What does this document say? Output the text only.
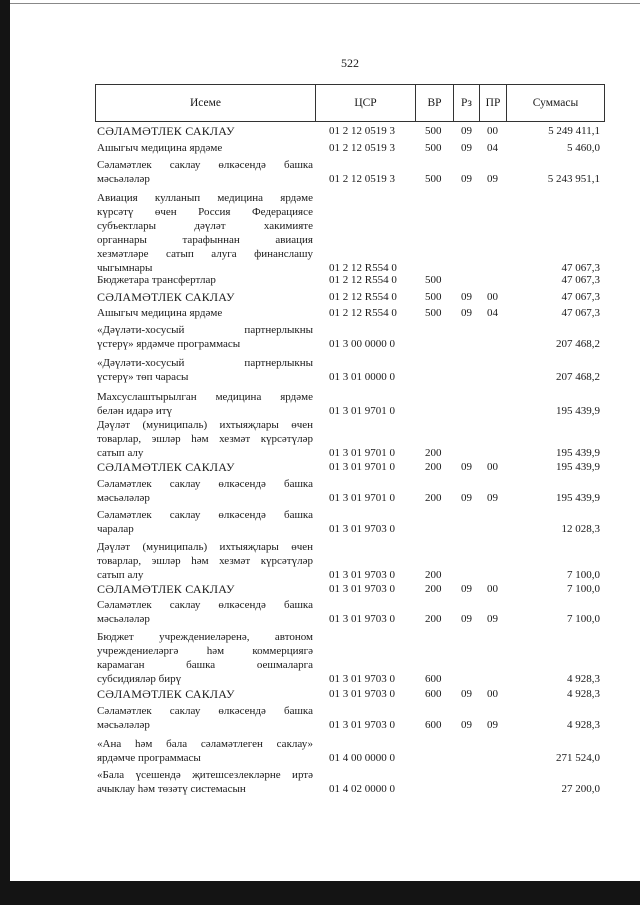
522
Исеме	ЦСР	ВР	Рз	ПР	Суммасы
СӘЛАМӘТЛЕК САКЛАУ	01 2 12 0519 3	500 09 00	5 249 411,1
Ашыгыч медицина ярдәме	01 2 12 0519 3	500 09 04	5 460,0
Сәламәтлек саклау өлкәсендә башка
мәсьәләләр	01 2 12 0519 3	500 09 09	5 243 951,1
Авиация кулланып медицина ярдәме
күрсәтү өчен Россия Федерациясе
субъектлары дәүләт хакимияте
органнары тарафыннан авиация
хезмәтләре сатып алугa финанслашу
чыгымнары	01 2 12 R554 0	47 067,3
Бюджетара трансфертлар	01 2 12 R554 0	500	47 067,3
СӘЛАМӘТЛЕК САКЛАУ	01 2 12 R554 0	500 09 00	47 067,3
Ашыгыч медицина ярдәме	01 2 12 R554 0	500 09 04	47 067,3
«Дәүләти-хосусый партнерлыкны
үстерү» ярдәмче программасы	01 3 00 0000 0	207 468,2
«Дәүләти-хосусый партнерлыкны
үстерү» төп чарасы	01 3 01 0000 0	207 468,2
Махсуслаштырылган медицина ярдәме
белән идарә итү	01 3 01 9701 0	195 439,9
Дәүләт (муниципаль) ихтыяҗлары өчен
товарлар, эшләр һәм хезмәт күрсәтүләр
сатып алу	01 3 01 9701 0	200	195 439,9
СӘЛАМӘТЛЕК САКЛАУ	01 3 01 9701 0	200 09 00	195 439,9
Сәламәтлек саклау өлкәсендә башка
мәсьәләләр	01 3 01 9701 0	200 09 09	195 439,9
Сәламәтлек саклау өлкәсендә башка
чаралар	01 3 01 9703 0	12 028,3
Дәүләт (муниципаль) ихтыяҗлары өчен
товарлар, эшләр һәм хезмәт күрсәтүләр
сатып алу	01 3 01 9703 0	200	7 100,0
СӘЛАМӘТЛЕК САКЛАУ	01 3 01 9703 0	200 09 00	7 100,0
Сәламәтлек саклау өлкәсендә башка
мәсьәләләр	01 3 01 9703 0	200 09 09	7 100,0
Бюджет учреждениеләренә, автоном
учреждениеләргә һәм коммерциягә
карамаган башка оешмаларга
субсидияләр бирү	01 3 01 9703 0	600	4 928,3
СӘЛАМӘТЛЕК САКЛАУ	01 3 01 9703 0	600 09 00	4 928,3
Сәламәтлек саклау өлкәсендә башка
мәсьәләләр	01 3 01 9703 0	600 09 09	4 928,3
«Ана һәм бала сәламәтлеген саклау»
ярдәмче программасы	01 4 00 0000 0	271 524,0
«Бала үсешендә җитешсезлекләрне иртә
ачыклау һәм төзәтү системасын	01 4 02 0000 0	27 200,0
